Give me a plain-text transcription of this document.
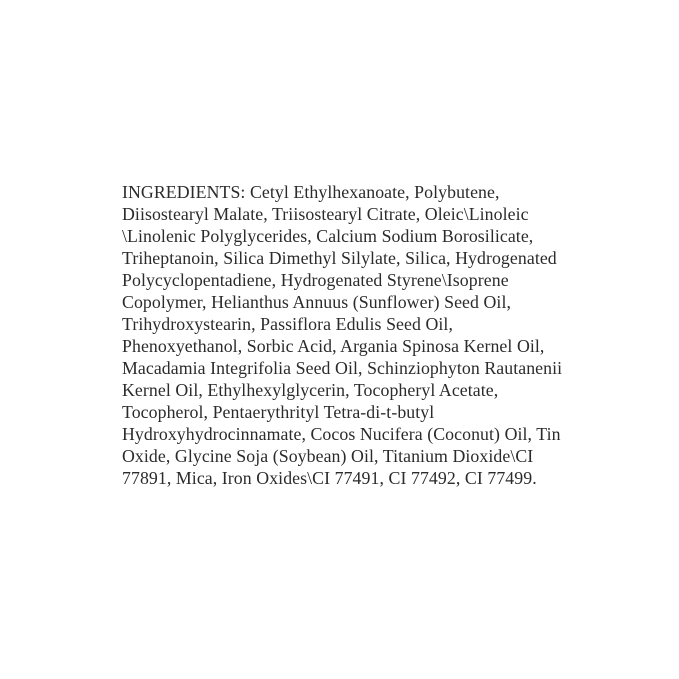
INGREDIENTS: Cetyl Ethylhexanoate, Polybutene,
Diisostearyl Malate, Triisostearyl Citrate, Oleic\Linoleic
\Linolenic Polyglycerides, Calcium Sodium Borosilicate,
Triheptanoin, Silica Dimethyl Silylate, Silica, Hydrogenated
Polycyclopentadiene, Hydrogenated Styrene\Isoprene
Copolymer, Helianthus Annuus (Sunflower) Seed Oil,
Trihydroxystearin, Passiflora Edulis Seed Oil,
Phenoxyethanol, Sorbic Acid, Argania Spinosa Kernel Oil,
Macadamia Integrifolia Seed Oil, Schinziophyton Rautanenii
Kernel Oil, Ethylhexylglycerin, Tocopheryl Acetate,
Tocopherol, Pentaerythrityl Tetra-di-t-butyl
Hydroxyhydrocinnamate, Cocos Nucifera (Coconut) Oil, Tin
Oxide, Glycine Soja (Soybean) Oil, Titanium Dioxide\CI
77891, Mica, Iron Oxides\CI 77491, CI 77492, CI 77499.
